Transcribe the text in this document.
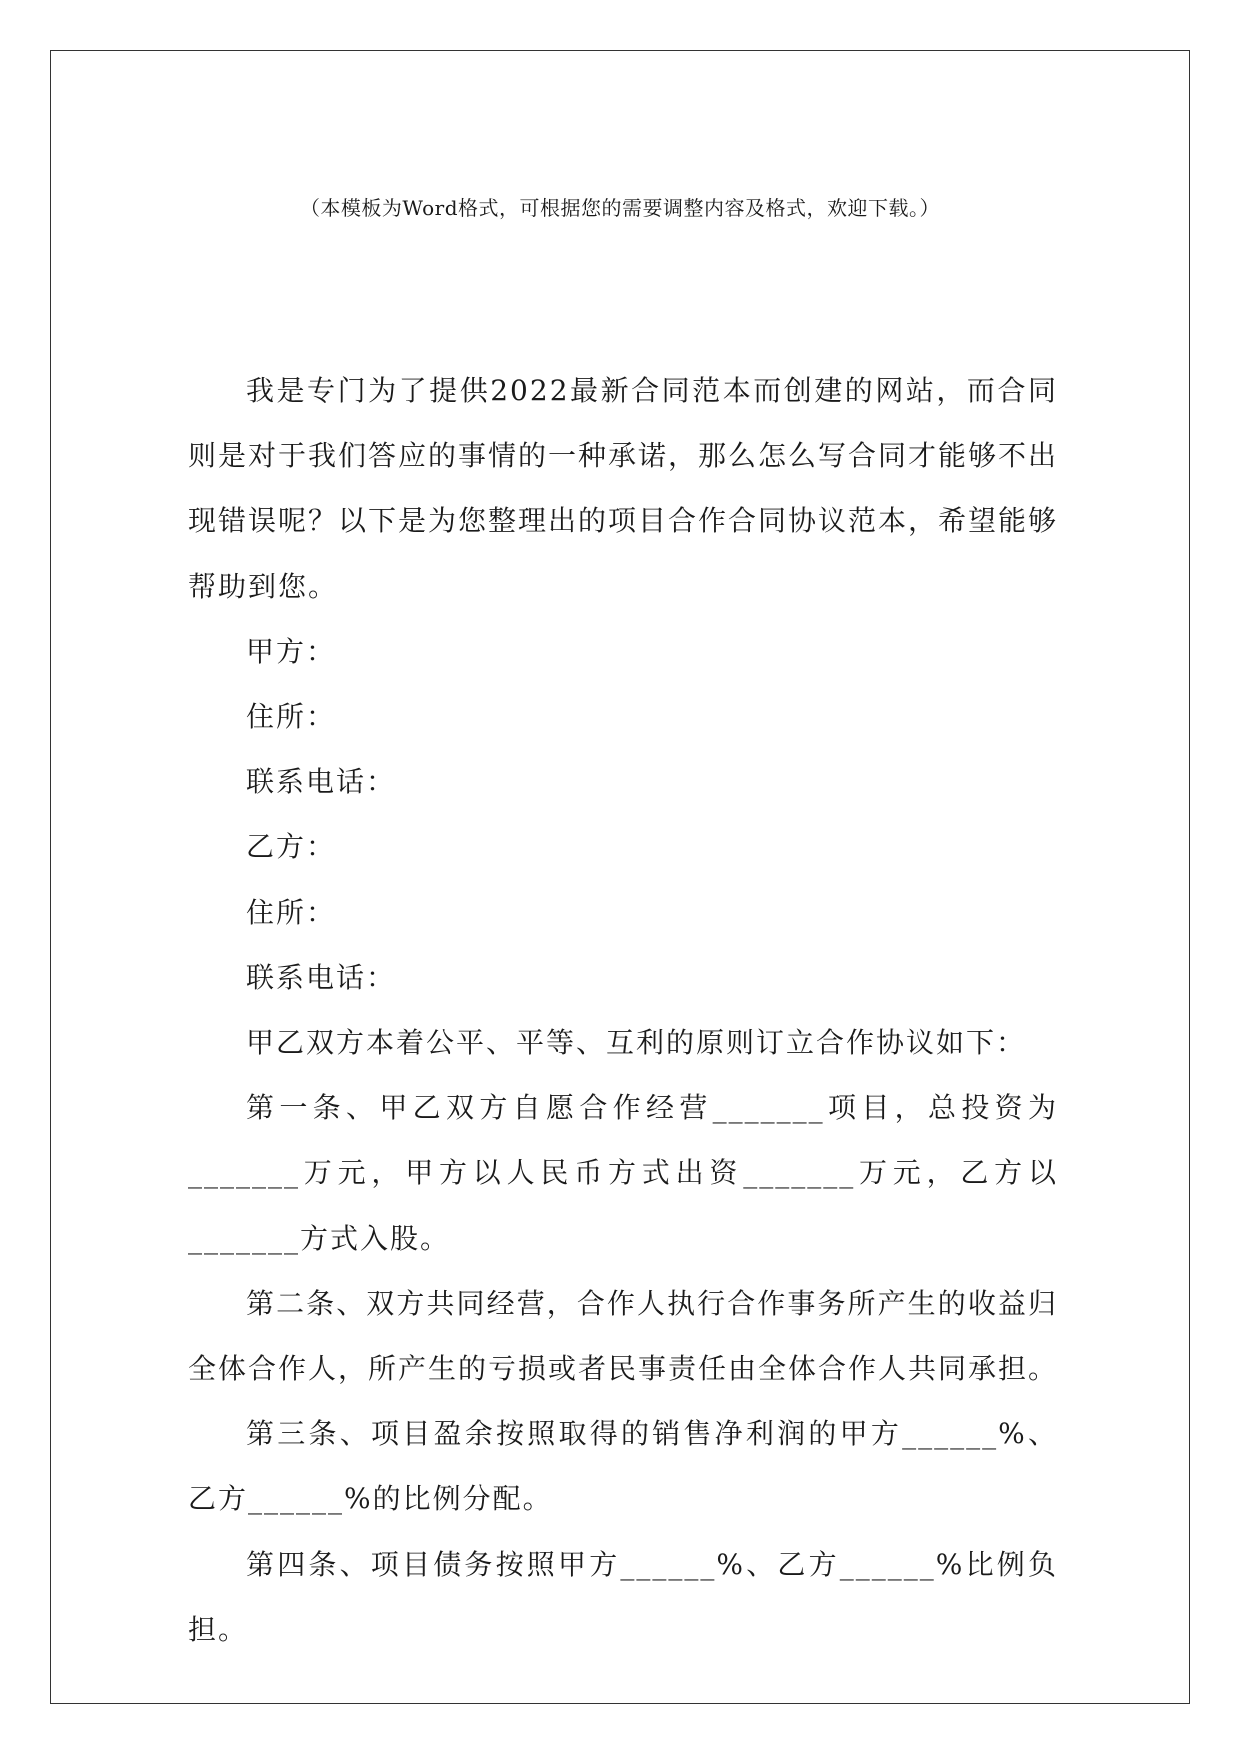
（本模板为Word格式，可根据您的需要调整内容及格式，欢迎下载。）

我是专门为了提供2022最新合同范本而创建的网站，而合同则是对于我们答应的事情的一种承诺，那么怎么写合同才能够不出现错误呢？以下是为您整理出的项目合作合同协议范本，希望能够帮助到您。

甲方：

住所：

联系电话：

乙方：

住所：

联系电话：

甲乙双方本着公平、平等、互利的原则订立合作协议如下：

第一条、甲乙双方自愿合作经营_______项目，总投资为_______万元，甲方以人民币方式出资_______万元，乙方以_______方式入股。

第二条、双方共同经营，合作人执行合作事务所产生的收益归全体合作人，所产生的亏损或者民事责任由全体合作人共同承担。

第三条、项目盈余按照取得的销售净利润的甲方______%、乙方______%的比例分配。

第四条、项目债务按照甲方______%、乙方______%比例负担。
